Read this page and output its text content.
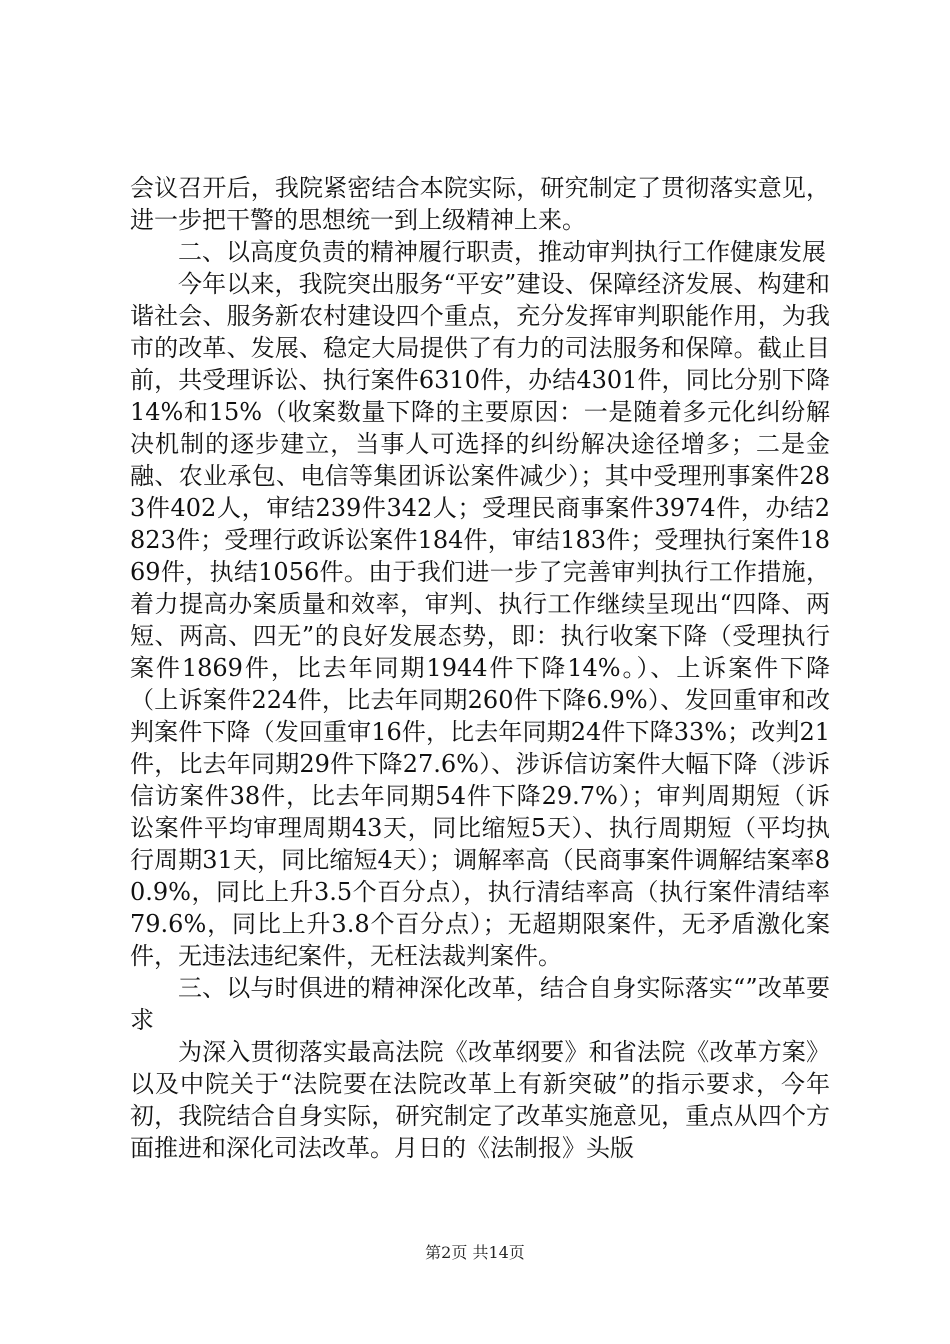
会议召开后，我院紧密结合本院实际，研究制定了贯彻落实意见，进一步把干警的思想统一到上级精神上来。

二、以高度负责的精神履行职责，推动审判执行工作健康发展

今年以来，我院突出服务“平安”建设、保障经济发展、构建和谐社会、服务新农村建设四个重点，充分发挥审判职能作用，为我市的改革、发展、稳定大局提供了有力的司法服务和保障。截止目前，共受理诉讼、执行案件6310件，办结4301件，同比分别下降14%和15%（收案数量下降的主要原因：一是随着多元化纠纷解决机制的逐步建立，当事人可选择的纠纷解决途径增多；二是金融、农业承包、电信等集团诉讼案件减少）；其中受理刑事案件283件402人，审结239件342人；受理民商事案件3974件，办结2823件；受理行政诉讼案件184件，审结183件；受理执行案件1869件，执结1056件。由于我们进一步了完善审判执行工作措施，着力提高办案质量和效率，审判、执行工作继续呈现出“四降、两短、两高、四无”的良好发展态势，即：执行收案下降（受理执行案件1869件，比去年同期1944件下降14%。）、上诉案件下降（上诉案件224件，比去年同期260件下降6.9%）、发回重审和改判案件下降（发回重审16件，比去年同期24件下降33%；改判21件，比去年同期29件下降27.6%）、涉诉信访案件大幅下降（涉诉信访案件38件，比去年同期54件下降29.7%）；审判周期短（诉讼案件平均审理周期43天，同比缩短5天）、执行周期短（平均执行周期31天，同比缩短4天）；调解率高（民商事案件调解结案率80.9%，同比上升3.5个百分点），执行清结率高（执行案件清结率79.6%，同比上升3.8个百分点）；无超期限案件，无矛盾激化案件，无违法违纪案件，无枉法裁判案件。

三、以与时俱进的精神深化改革，结合自身实际落实“”改革要求

为深入贯彻落实最高法院《改革纲要》和省法院《改革方案》以及中院关于“法院要在法院改革上有新突破”的指示要求，今年初，我院结合自身实际，研究制定了改革实施意见，重点从四个方面推进和深化司法改革。月日的《法制报》头版

第2页 共14页
